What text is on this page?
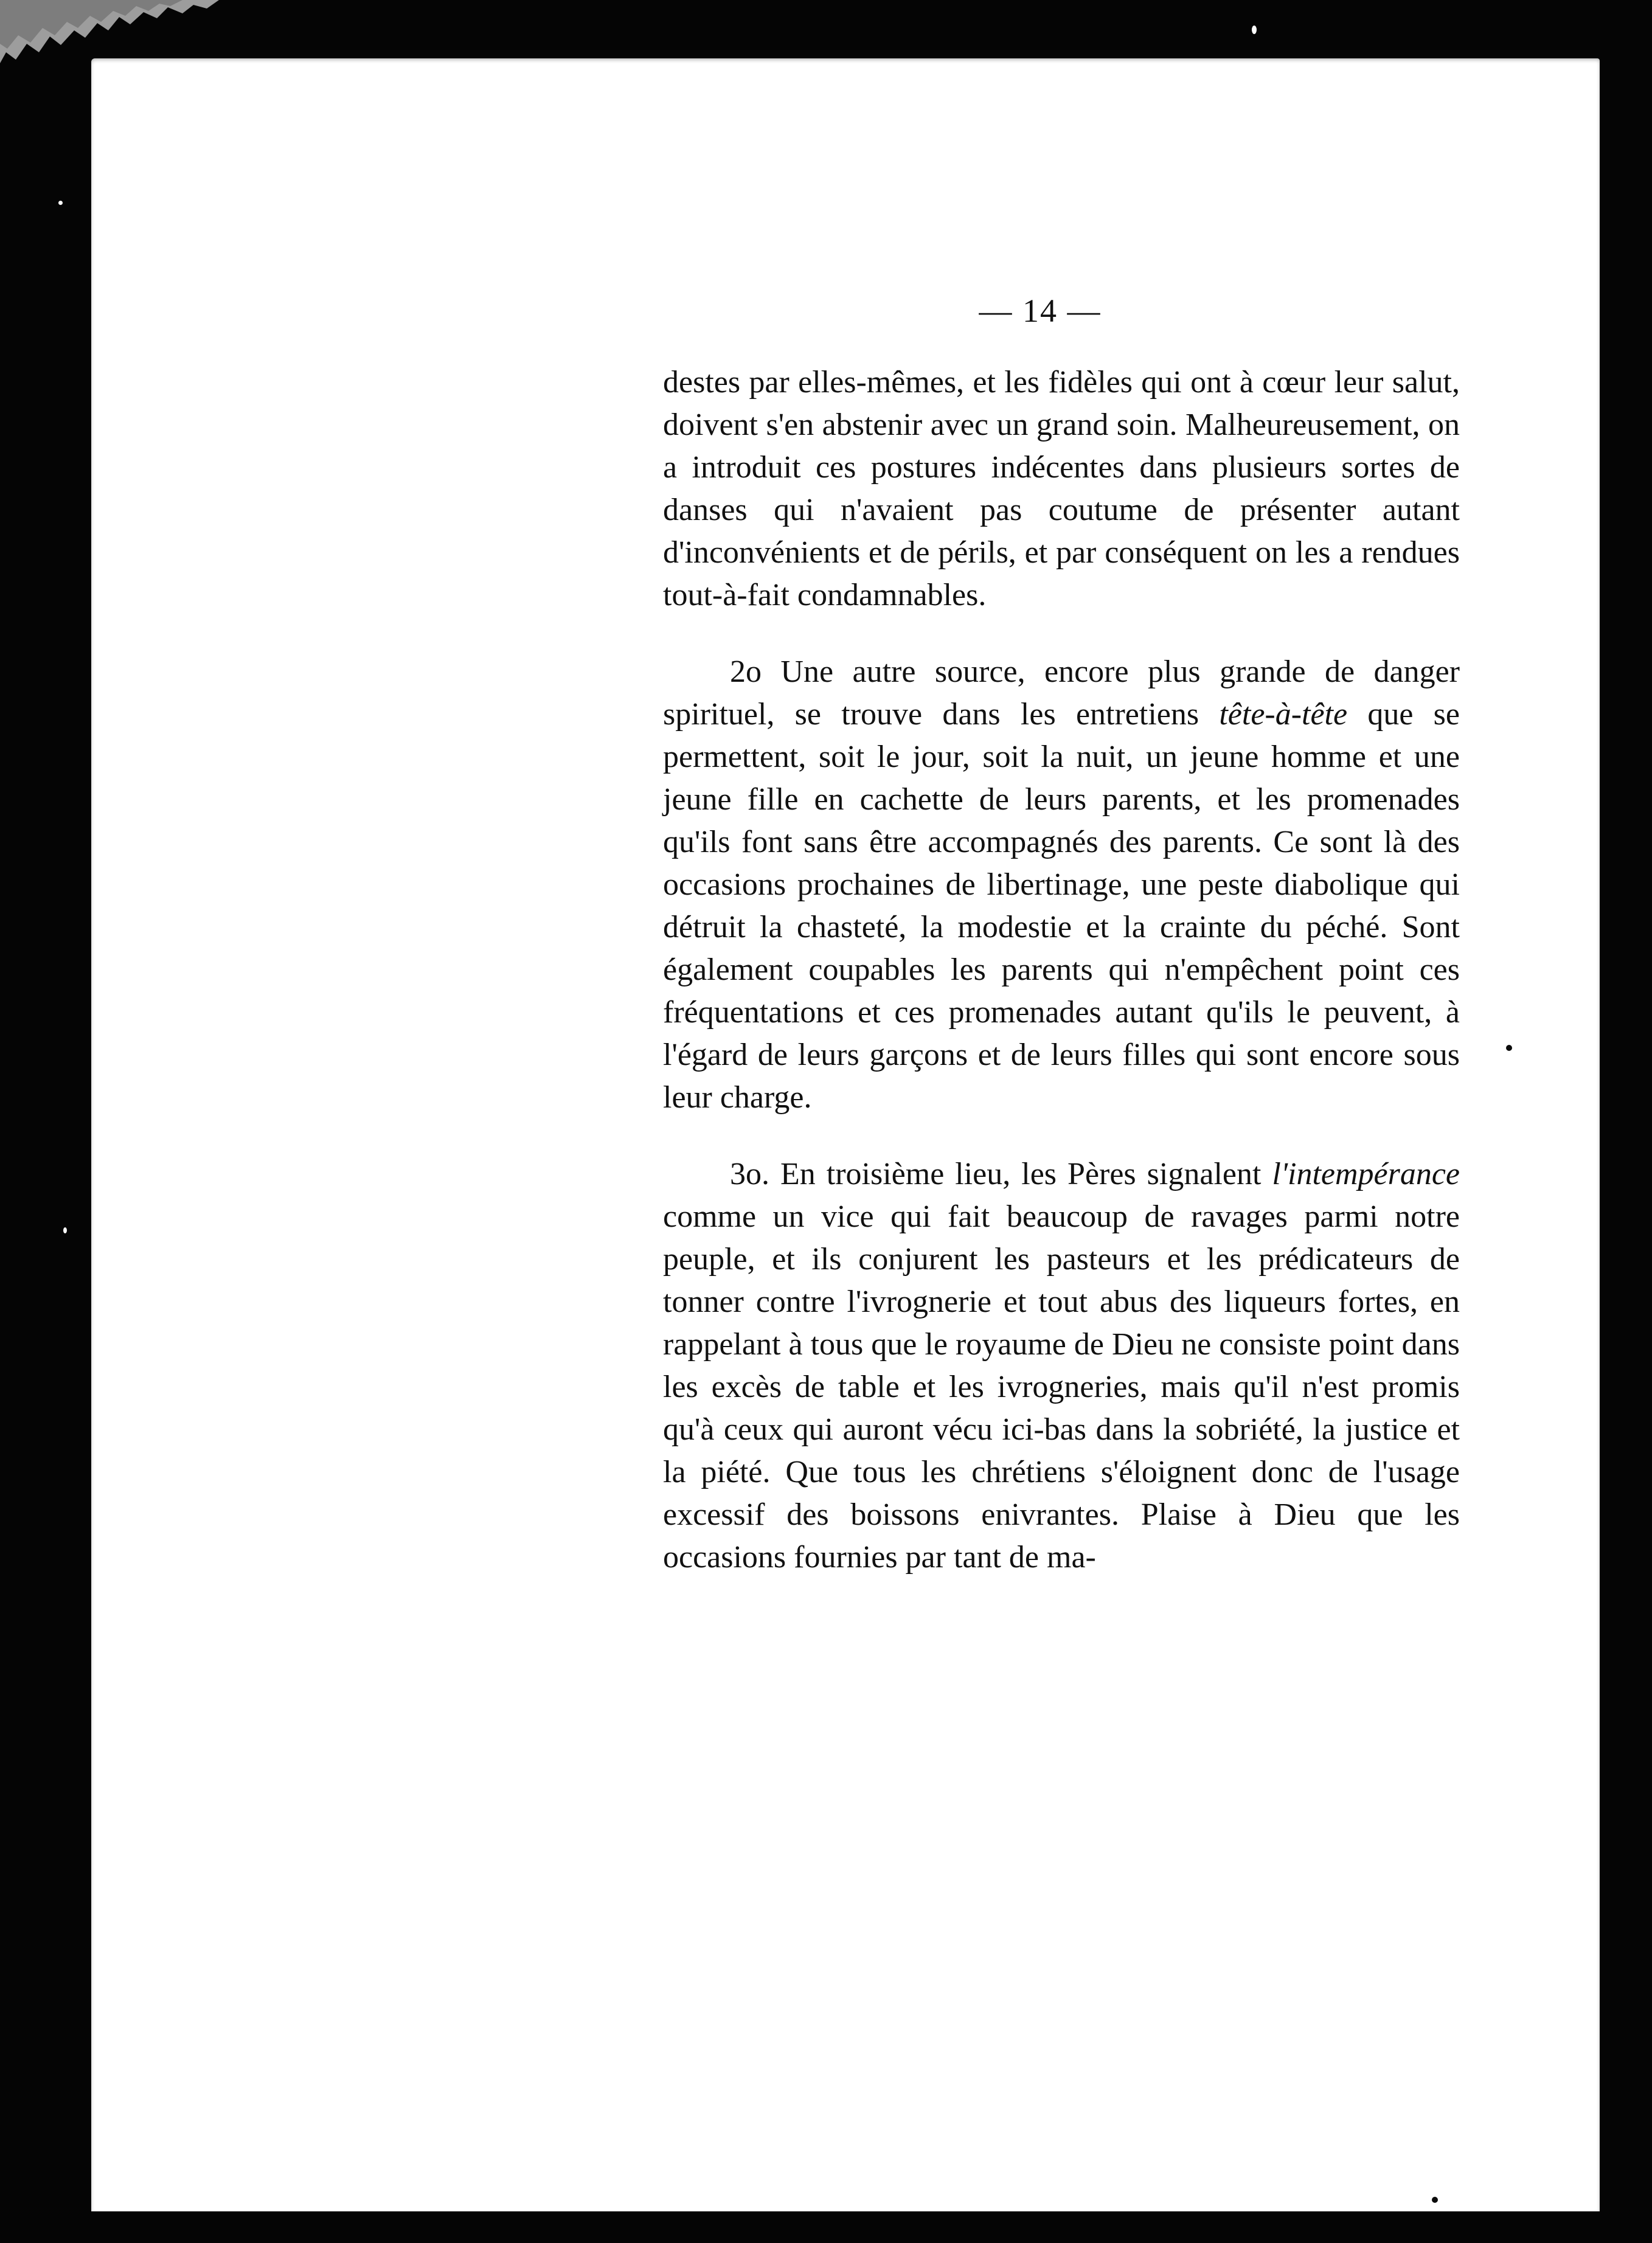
— 14 —

destes par elles-mêmes, et les fidèles qui ont à cœur leur salut, doivent s'en abstenir avec un grand soin. Malheureusement, on a introduit ces postures indécentes dans plusieurs sortes de danses qui n'avaient pas coutume de présenter autant d'inconvénients et de périls, et par conséquent on les a rendues tout-à-fait condamnables.

2o Une autre source, encore plus grande de danger spirituel, se trouve dans les entretiens tête-à-tête que se permettent, soit le jour, soit la nuit, un jeune homme et une jeune fille en cachette de leurs parents, et les promenades qu'ils font sans être accompagnés des parents. Ce sont là des occasions prochaines de libertinage, une peste diabolique qui détruit la chasteté, la modestie et la crainte du péché. Sont également coupables les parents qui n'empêchent point ces fréquentations et ces promenades autant qu'ils le peuvent, à l'égard de leurs garçons et de leurs filles qui sont encore sous leur charge.

3o. En troisième lieu, les Pères signalent l'intempérance comme un vice qui fait beaucoup de ravages parmi notre peuple, et ils conjurent les pasteurs et les prédicateurs de tonner contre l'ivrognerie et tout abus des liqueurs fortes, en rappelant à tous que le royaume de Dieu ne consiste point dans les excès de table et les ivrogneries, mais qu'il n'est promis qu'à ceux qui auront vécu ici-bas dans la sobriété, la justice et la piété. Que tous les chrétiens s'éloignent donc de l'usage excessif des boissons enivrantes. Plaise à Dieu que les occasions fournies par tant de ma-
